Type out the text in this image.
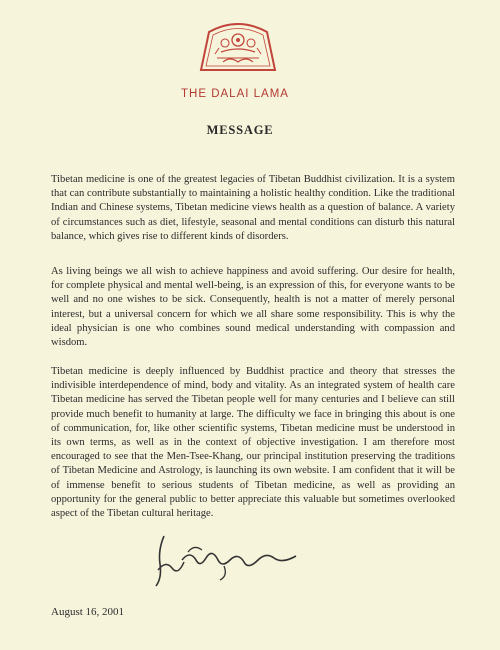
THE DALAI LAMA
MESSAGE

Tibetan medicine is one of the greatest legacies of Tibetan Buddhist civilization. It is a system that can contribute substantially to maintaining a holistic healthy condition. Like the traditional Indian and Chinese systems, Tibetan medicine views health as a question of balance. A variety of circumstances such as diet, lifestyle, seasonal and mental conditions can disturb this natural balance, which gives rise to different kinds of disorders.

As living beings we all wish to achieve happiness and avoid suffering. Our desire for health, for complete physical and mental well-being, is an expression of this, for everyone wants to be well and no one wishes to be sick. Consequently, health is not a matter of merely personal interest, but a universal concern for which we all share some responsibility. This is why the ideal physician is one who combines sound medical understanding with compassion and wisdom.

Tibetan medicine is deeply influenced by Buddhist practice and theory that stresses the indivisible interdependence of mind, body and vitality. As an integrated system of health care Tibetan medicine has served the Tibetan people well for many centuries and I believe can still provide much benefit to humanity at large. The difficulty we face in bringing this about is one of communication, for, like other scientific systems, Tibetan medicine must be understood in its own terms, as well as in the context of objective investigation. I am therefore most encouraged to see that the Men-Tsee-Khang, our principal institution preserving the traditions of Tibetan Medicine and Astrology, is launching its own website. I am confident that it will be of immense benefit to serious students of Tibetan medicine, as well as providing an opportunity for the general public to better appreciate this valuable but sometimes overlooked aspect of the Tibetan cultural heritage.

August 16, 2001
